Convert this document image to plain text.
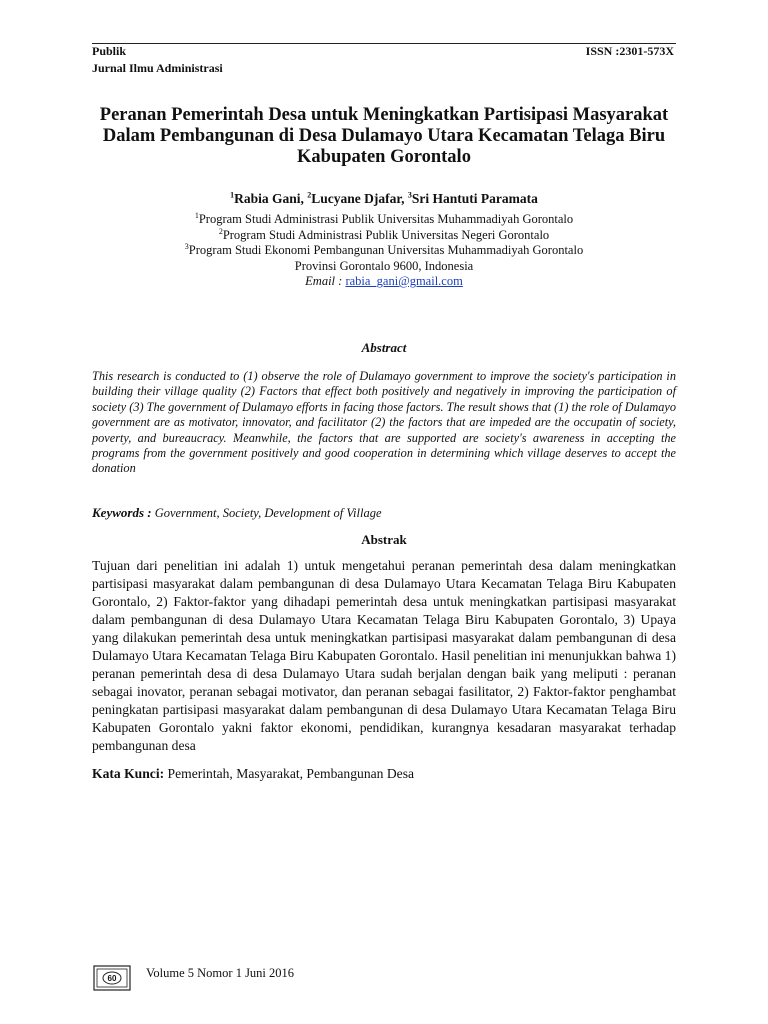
Publik
Jurnal Ilmu Administrasi
ISSN :2301-573X
Peranan Pemerintah Desa untuk Meningkatkan Partisipasi Masyarakat Dalam Pembangunan di Desa Dulamayo Utara Kecamatan Telaga Biru Kabupaten Gorontalo
$^1$Rabia Gani, $^2$Lucyane Djafar, $^3$Sri Hantuti Paramata
$^1$Program Studi Administrasi Publik Universitas Muhammadiyah Gorontalo
$^2$Program Studi Administrasi Publik Universitas Negeri Gorontalo
$^3$Program Studi Ekonomi Pembangunan Universitas Muhammadiyah Gorontalo
Provinsi Gorontalo 9600, Indonesia
Email : rabia_gani@gmail.com
Abstract
This research is conducted to (1) observe the role of Dulamayo government to improve the society's participation in building their village quality (2) Factors that effect both positively and negatively in improving the participation of society (3) The government of Dulamayo efforts in facing those factors. The result shows that (1) the role of Dulamayo government are as motivator, innovator, and facilitator (2) the factors that are impeded are the occupatin of society, poverty, and bureaucracy. Meanwhile, the factors that are supported are society's awareness in accepting the programs from the government positively and good cooperation in determining which village deserves to accept the donation
Keywords : Government, Society, Development of Village
Abstrak
Tujuan dari penelitian ini adalah 1) untuk mengetahui peranan pemerintah desa dalam meningkatkan partisipasi masyarakat dalam pembangunan di desa Dulamayo Utara Kecamatan Telaga Biru Kabupaten Gorontalo, 2) Faktor-faktor yang dihadapi pemerintah desa untuk meningkatkan partisipasi masyarakat dalam pembangunan di desa Dulamayo Utara Kecamatan Telaga Biru Kabupaten Gorontalo, 3) Upaya yang dilakukan pemerintah desa untuk meningkatkan partisipasi masyarakat dalam pembangunan di desa Dulamayo Utara Kecamatan Telaga Biru Kabupaten Gorontalo. Hasil penelitian ini menunjukkan bahwa 1) peranan pemerintah desa di desa Dulamayo Utara sudah berjalan dengan baik yang meliputi : peranan sebagai inovator, peranan sebagai motivator, dan peranan sebagai fasilitator, 2) Faktor-faktor penghambat peningkatan partisipasi masyarakat dalam pembangunan di desa Dulamayo Utara Kecamatan Telaga Biru Kabupaten Gorontalo yakni faktor ekonomi, pendidikan, kurangnya kesadaran masyarakat terhadap pembangunan desa
Kata Kunci: Pemerintah, Masyarakat, Pembangunan Desa
60 Volume 5 Nomor 1 Juni 2016
